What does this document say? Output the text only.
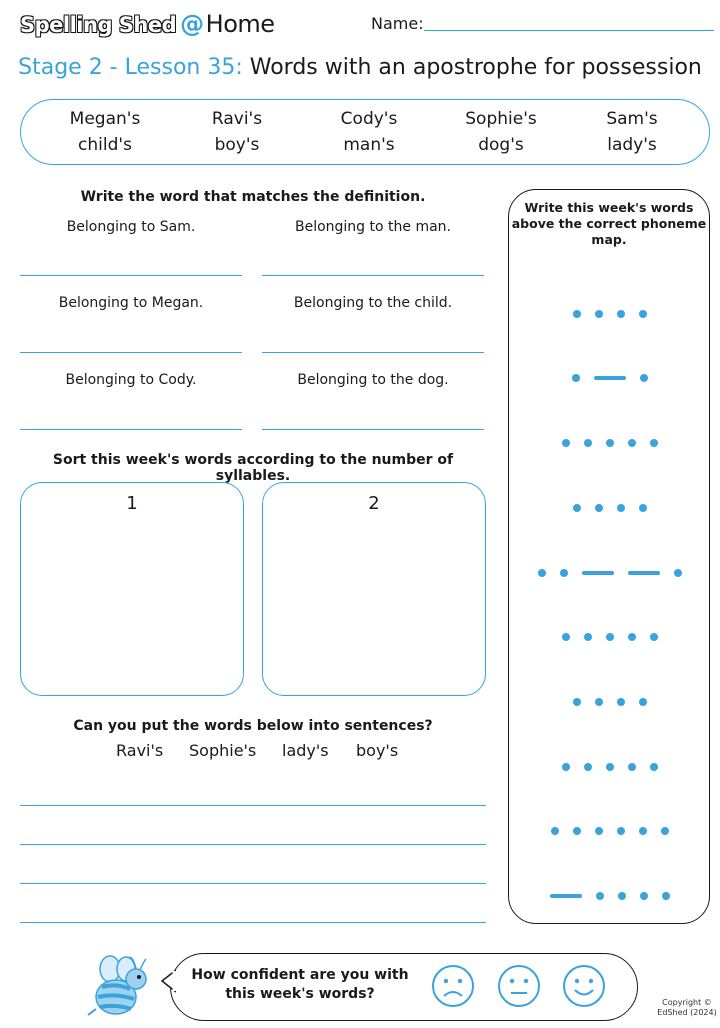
Spelling Shed @Home	Name:
Stage 2 - Lesson 35: Words with an apostrophe for possession
Megan's
child's
Ravi's
boy's
Cody's
man's
Sophie's
dog's
Sam's
lady's
Write the word that matches the definition.
Belonging to Sam.	Belonging to the man.
Belonging to Megan.	Belonging to the child.
Belonging to Cody.	Belonging to the dog.
Sort this week's words according to the number of syllables.
1	2
Can you put the words below into sentences?
Ravi's Sophie's lady's boy's
Write this week's words above the correct phoneme map.
How confident are you with this week's words?
Copyright © EdShed (2024)
